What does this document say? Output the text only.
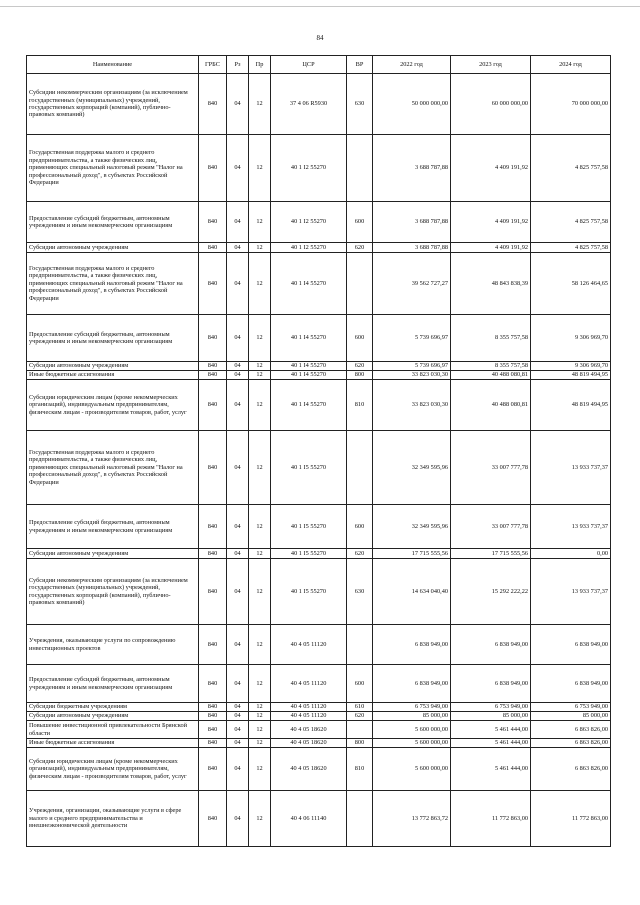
84
Наименование	ГРБС	Рз	Пр	ЦСР	ВР	2022 год	2023 год	2024 год
Субсидии некоммерческим организациям (за исключением государственных (муниципальных) учреждений, государственных корпораций (компаний), публично-правовых компаний)	840	04	12	37 4 06 R5930	630	50 000 000,00	60 000 000,00	70 000 000,00
Государственная поддержка малого и среднего предпринимательства, а также физических лиц, применяющих специальный налоговый режим "Налог на профессиональный доход", в субъектах Российской Федерации	840	04	12	40 1 I2 55270		3 688 787,88	4 409 191,92	4 825 757,58
Предоставление субсидий бюджетным, автономным учреждениям и иным некоммерческим организациям	840	04	12	40 1 I2 55270	600	3 688 787,88	4 409 191,92	4 825 757,58
Субсидии автономным учреждениям	840	04	12	40 1 I2 55270	620	3 688 787,88	4 409 191,92	4 825 757,58
Государственная поддержка малого и среднего предпринимательства, а также физических лиц, применяющих специальный налоговый режим "Налог на профессиональный доход", в субъектах Российской Федерации	840	04	12	40 1 I4 55270		39 562 727,27	48 843 838,39	58 126 464,65
Предоставление субсидий бюджетным, автономным учреждениям и иным некоммерческим организациям	840	04	12	40 1 I4 55270	600	5 739 696,97	8 355 757,58	9 306 969,70
Субсидии автономным учреждениям	840	04	12	40 1 I4 55270	620	5 739 696,97	8 355 757,58	9 306 969,70
Иные бюджетные ассигнования	840	04	12	40 1 I4 55270	800	33 823 030,30	40 488 080,81	48 819 494,95
Субсидии юридическим лицам (кроме некоммерческих организаций), индивидуальным предпринимателям, физическим лицам - производителям товаров, работ, услуг	840	04	12	40 1 I4 55270	810	33 823 030,30	40 488 080,81	48 819 494,95
Государственная поддержка малого и среднего предпринимательства, а также физических лиц, применяющих специальный налоговый режим "Налог на профессиональный доход", в субъектах Российской Федерации	840	04	12	40 1 I5 55270		32 349 595,96	33 007 777,78	13 933 737,37
Предоставление субсидий бюджетным, автономным учреждениям и иным некоммерческим организациям	840	04	12	40 1 I5 55270	600	32 349 595,96	33 007 777,78	13 933 737,37
Субсидии автономным учреждениям	840	04	12	40 1 I5 55270	620	17 715 555,56	17 715 555,56	0,00
Субсидии некоммерческим организациям (за исключением государственных (муниципальных) учреждений, государственных корпораций (компаний), публично-правовых компаний)	840	04	12	40 1 I5 55270	630	14 634 040,40	15 292 222,22	13 933 737,37
Учреждения, оказывающие услуги по сопровождению инвестиционных проектов	840	04	12	40 4 05 11120		6 838 949,00	6 838 949,00	6 838 949,00
Предоставление субсидий бюджетным, автономным учреждениям и иным некоммерческим организациям	840	04	12	40 4 05 11120	600	6 838 949,00	6 838 949,00	6 838 949,00
Субсидии бюджетным учреждениям	840	04	12	40 4 05 11120	610	6 753 949,00	6 753 949,00	6 753 949,00
Субсидии автономным учреждениям	840	04	12	40 4 05 11120	620	85 000,00	85 000,00	85 000,00
Повышение инвестиционной привлекательности Брянской области	840	04	12	40 4 05 18620		5 600 000,00	5 461 444,00	6 863 826,00
Иные бюджетные ассигнования	840	04	12	40 4 05 18620	800	5 600 000,00	5 461 444,00	6 863 826,00
Субсидии юридическим лицам (кроме некоммерческих организаций), индивидуальным предпринимателям, физическим лицам - производителям товаров, работ, услуг	840	04	12	40 4 05 18620	810	5 600 000,00	5 461 444,00	6 863 826,00
Учреждения, организации, оказывающие услуги в сфере малого и среднего предпринимательства и внешнеэкономической деятельности	840	04	12	40 4 06 11140		13 772 863,72	11 772 863,00	11 772 863,00
